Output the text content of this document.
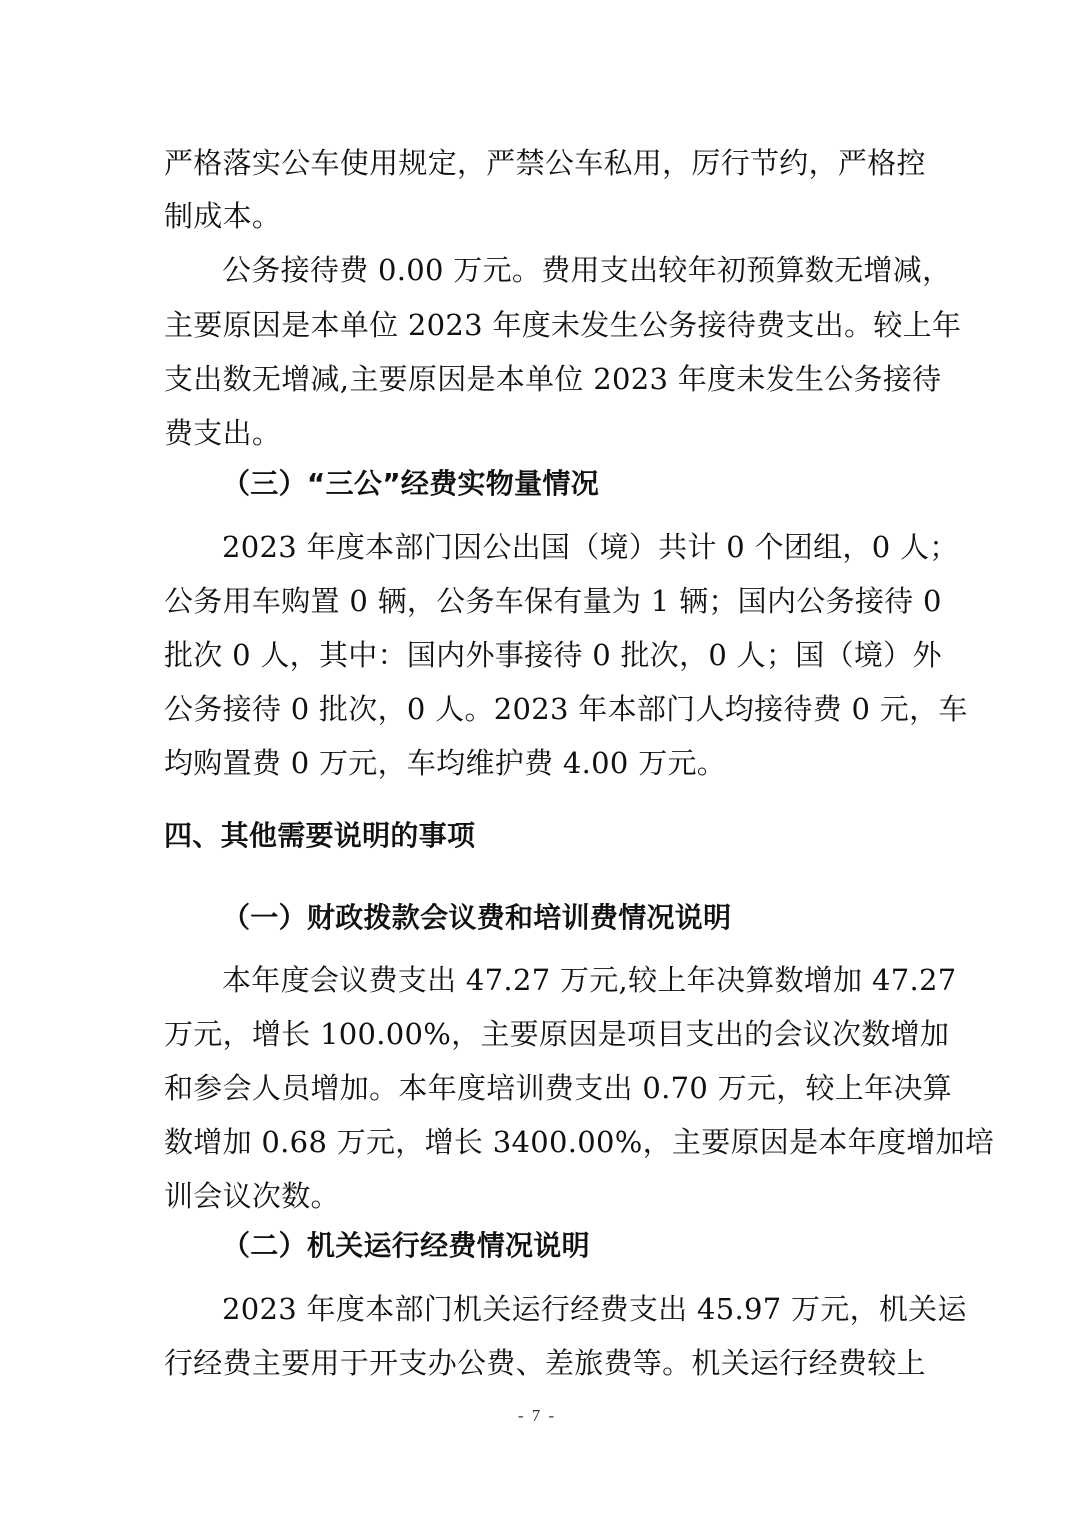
严格落实公车使用规定，严禁公车私用，厉行节约，严格控
制成本。
公务接待费 0.00 万元。费用支出较年初预算数无增减，
主要原因是本单位 2023 年度未发生公务接待费支出。较上年
支出数无增减,主要原因是本单位 2023 年度未发生公务接待
费支出。
（三）“三公”经费实物量情况
2023 年度本部门因公出国（境）共计 0 个团组，0 人；
公务用车购置 0 辆，公务车保有量为 1 辆；国内公务接待 0
批次 0 人，其中：国内外事接待 0 批次，0 人；国（境）外
公务接待 0 批次，0 人。2023 年本部门人均接待费 0 元，车
均购置费 0 万元，车均维护费 4.00 万元。
四、其他需要说明的事项
（一）财政拨款会议费和培训费情况说明
本年度会议费支出 47.27 万元,较上年决算数增加 47.27
万元，增长 100.00%，主要原因是项目支出的会议次数增加
和参会人员增加。本年度培训费支出 0.70 万元，较上年决算
数增加 0.68 万元，增长 3400.00%，主要原因是本年度增加培
训会议次数。
（二）机关运行经费情况说明
2023 年度本部门机关运行经费支出 45.97 万元，机关运
行经费主要用于开支办公费、差旅费等。机关运行经费较上
- 7 -
